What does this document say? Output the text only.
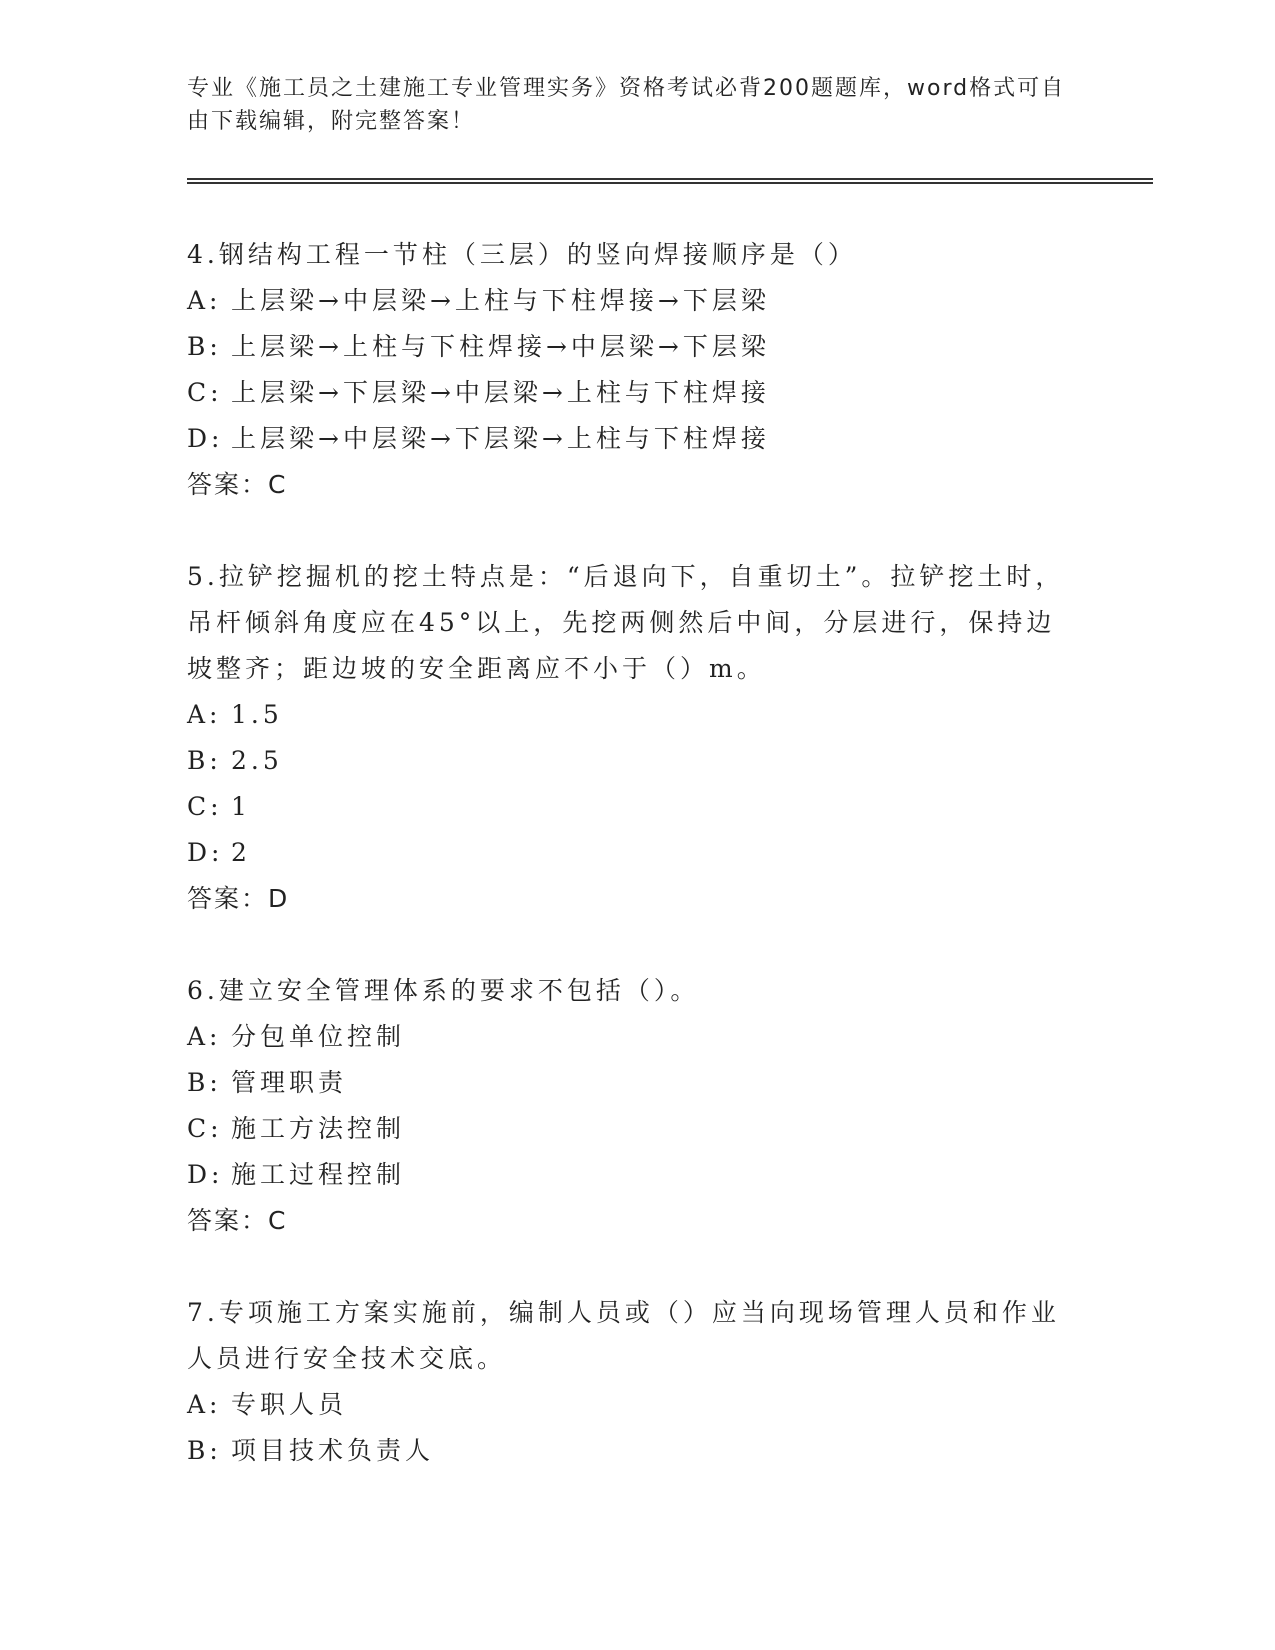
专业《施工员之土建施工专业管理实务》资格考试必背200题题库，word格式可自由下载编辑，附完整答案！
4.钢结构工程一节柱（三层）的竖向焊接顺序是（）
A: 上层梁→中层梁→上柱与下柱焊接→下层梁
B: 上层梁→上柱与下柱焊接→中层梁→下层梁
C: 上层梁→下层梁→中层梁→上柱与下柱焊接
D: 上层梁→中层梁→下层梁→上柱与下柱焊接
答案：C
5.拉铲挖掘机的挖土特点是：“后退向下，自重切土”。拉铲挖土时，吊杆倾斜角度应在45°以上，先挖两侧然后中间，分层进行，保持边坡整齐；距边坡的安全距离应不小于（）m。
A: 1.5
B: 2.5
C: 1
D: 2
答案：D
6.建立安全管理体系的要求不包括（）。
A: 分包单位控制
B: 管理职责
C: 施工方法控制
D: 施工过程控制
答案：C
7.专项施工方案实施前，编制人员或（）应当向现场管理人员和作业人员进行安全技术交底。
A: 专职人员
B: 项目技术负责人
